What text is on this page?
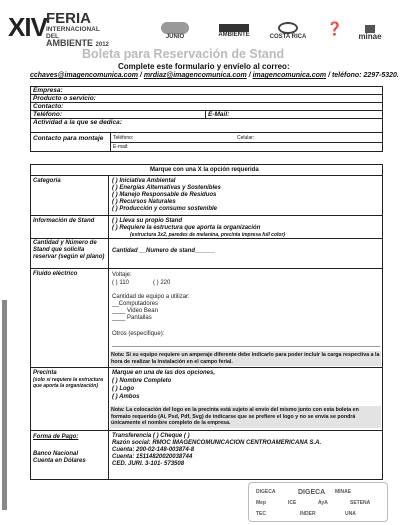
XIV FERIA
INTERNACIONAL
DEL
AMBIENTE 2012
JUNIO	AMBIENTE	COSTA RICA
❓
minae
Boleta para Reservación de Stand
Complete este formulario y envíelo al correo:
cchaves@imagencomunica.com / mrdiaz@imagencomunica.com / imagencomunica.com / teléfono: 2297-5320.
Empresa:
Producto o servicio:
Contacto:
Teléfono:	E-Mail:
Actividad a la que se dedica:
Contacto para montaje	Teléfono:	Celular:
E-mail:
Marque con una X la opción requerida
Categoría	( ) Iniciativa Ambiental
( ) Energías Alternativas y Sostenibles
( ) Manejo Responsable de Residuos
( ) Recursos Naturales
( ) Producción y consumo sostenible
Información de Stand	( ) Lleva su propio Stand
( ) Requiere la estructura que aporta la organización
(estructura 3x2, paredes de melanina, precinta impresa full color)
Cantidad y Número de Stand que solicita reservar (según el plano)
Cantidad __Numero de stand______
Fluido eléctrico	Voltaje:
( ) 110	( ) 220
Cantidad de equipo a utilizar:
__Computadores
____ Video Bean
____ Pantallas
Otros (especifique):
Nota: Si su equipo requiere un amperaje diferente debe indicarlo para poder incluir la carga respectiva a la hora de realizar la instalación en el campo ferial.
Precinta
(solo si requiere la estructura que aporta la organización)
Marque en una de las dos opciones,
( ) Nombre Completo
( ) Logo
( ) Ambos
Nota: La colocación del logo en la precinta está sujeto al envío del mismo junto con esta boleta en formato requerido (Ai, Psd, Pdf, Svg) de indicarse que se prefiere el logo y no se envía se pondrá únicamente el nombre completo de la empresa.
Forma de Pago:
Banco Nacional
Cuenta en Dólares
Transferencia ( ) Cheque ( )
Razón social: RMOC IMAGENCOMUNICACION CENTROAMERICANA S.A.
Cuenta: 200-02-148-003874-8
Cuenta: 15114820020038744
CED. JURI. 3-101- 573508
DIGECA	DIGECA MINAE
Mep	ICE	AyA	SETENA
TEC	INDER	UNA
